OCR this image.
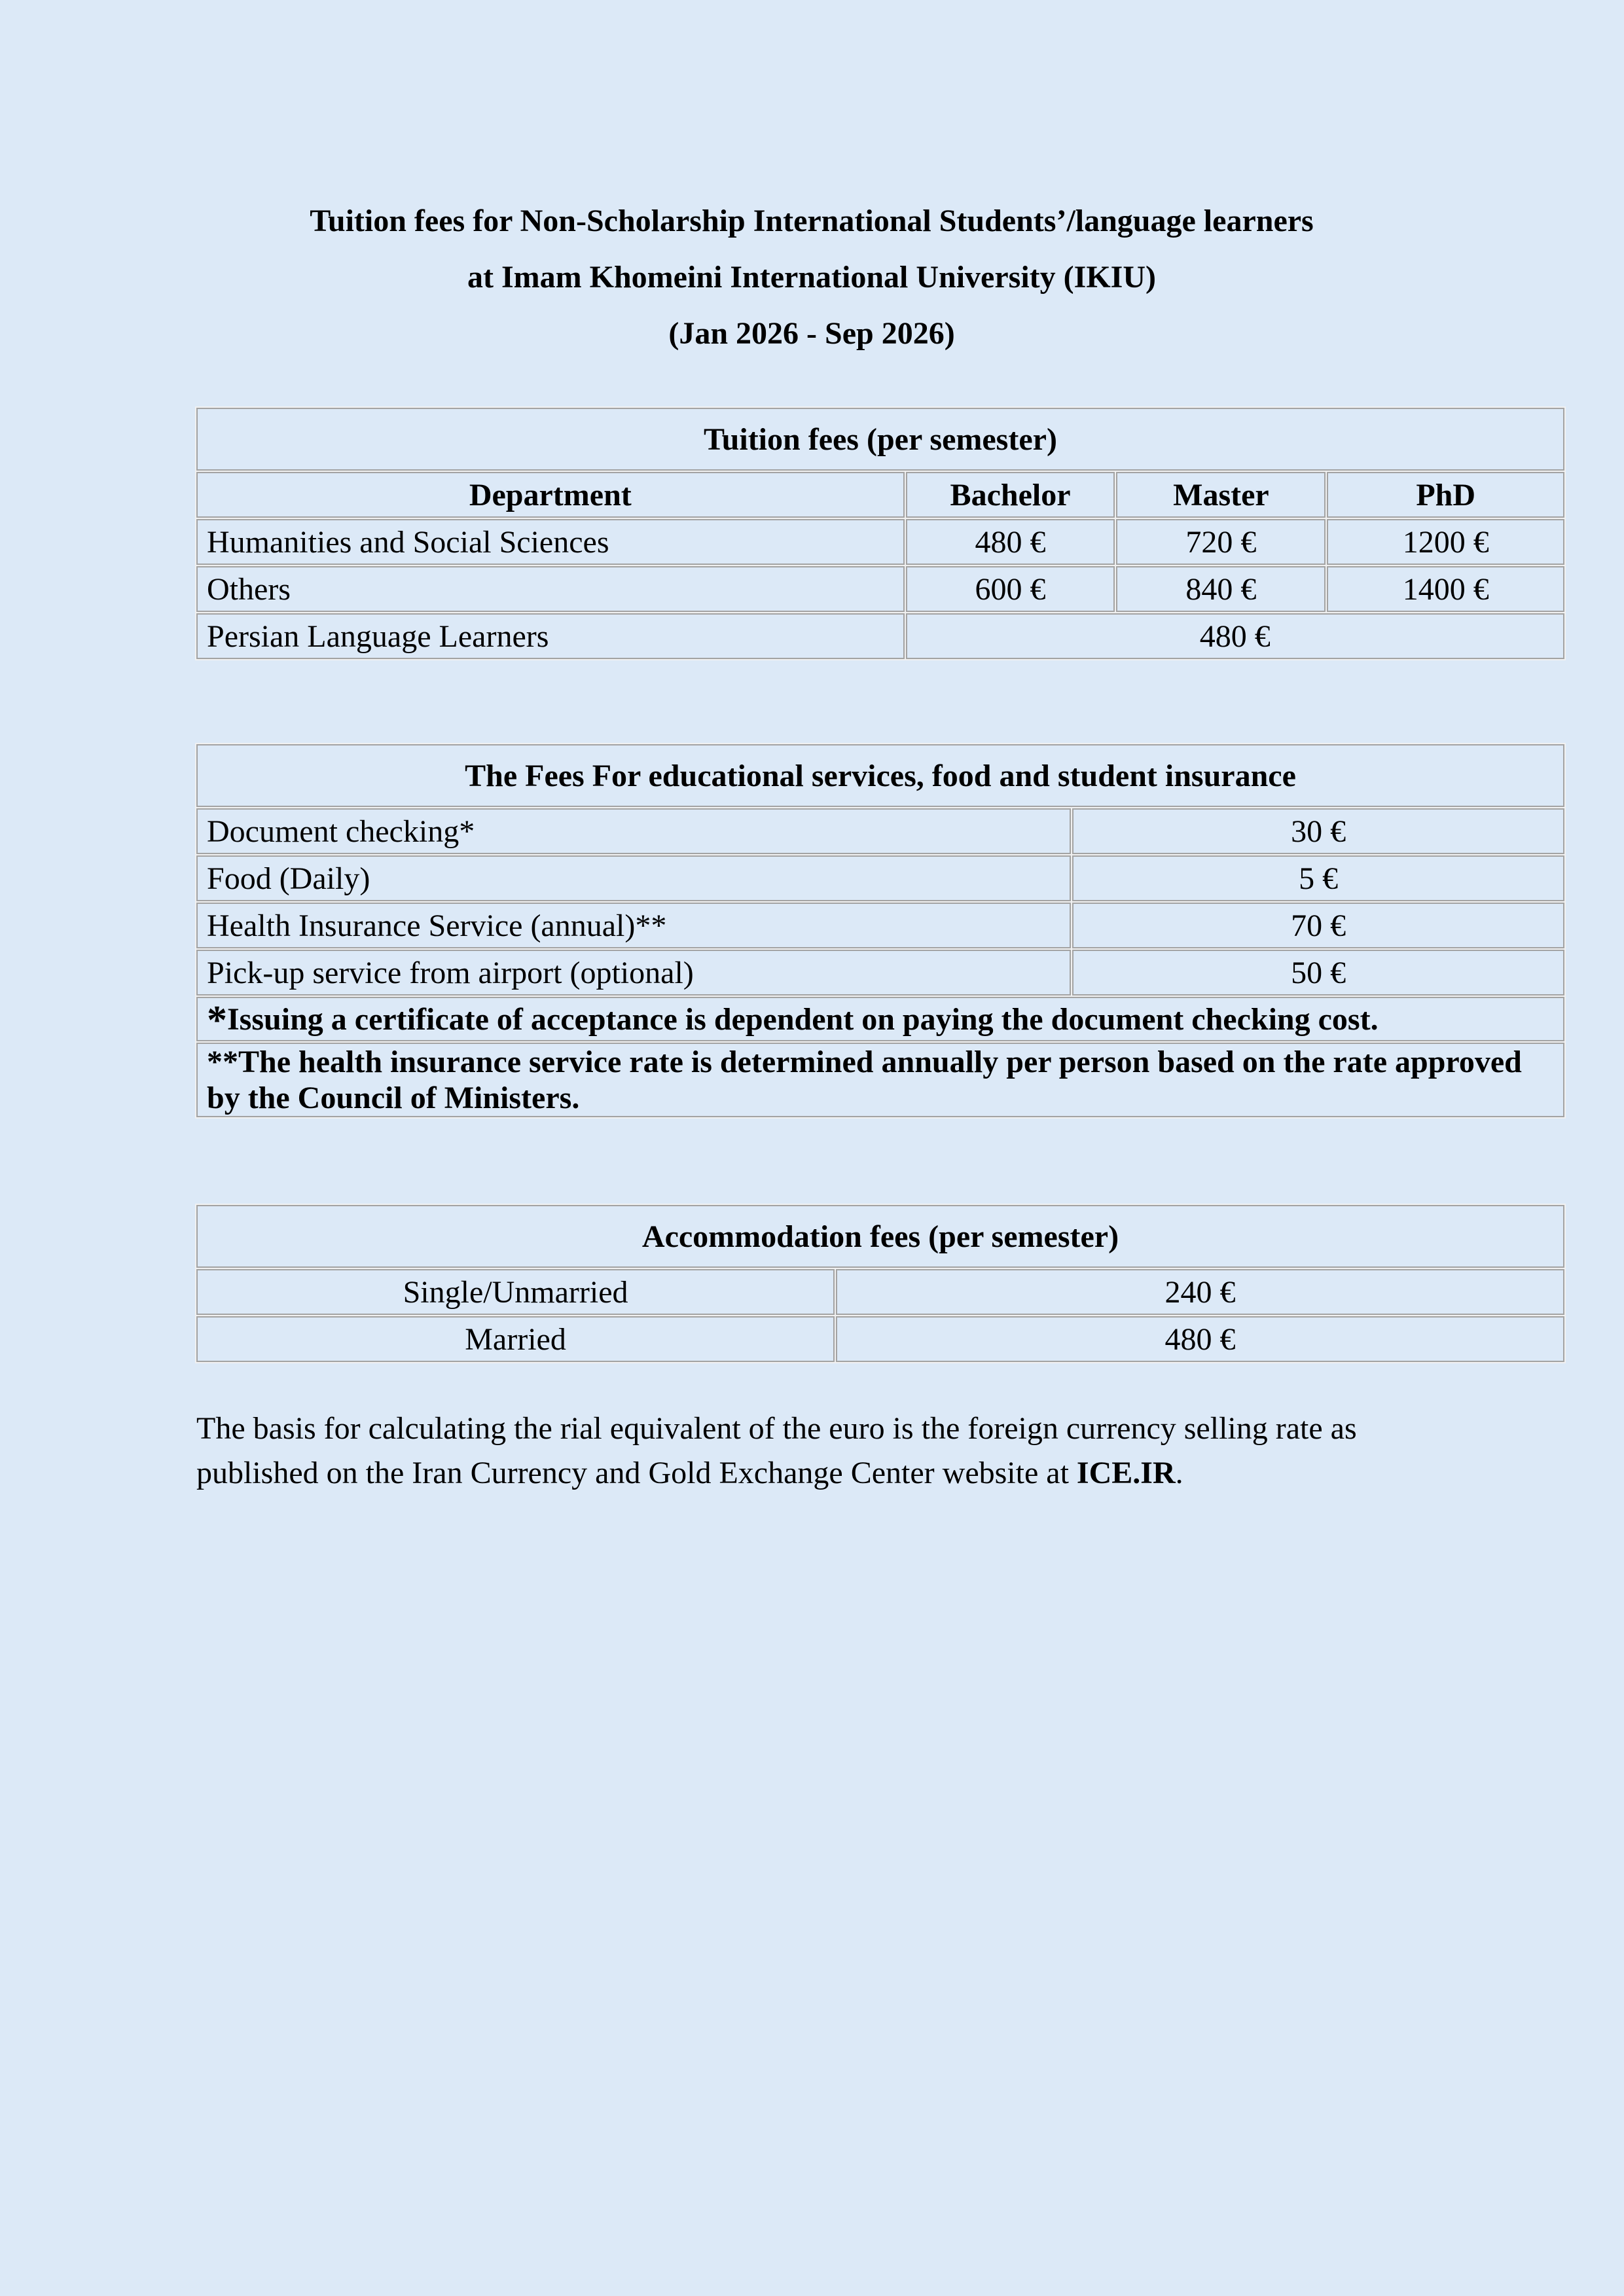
Tuition fees for Non-Scholarship International Students’/language learners
at Imam Khomeini International University (IKIU)
(Jan 2026 - Sep 2026)
Tuition fees (per semester)			
Department	Bachelor	Master	PhD
Humanities and Social Sciences	480 €	720 €	1200 €
Others	600 €	840 €	1400 €
Persian Language Learners	480 €		
The Fees For educational services, food and student insurance	
Document checking*	30 €
Food (Daily)	5 €
Health Insurance Service (annual)**	70 €
Pick-up service from airport (optional)	50 €
*Issuing a certificate of acceptance is dependent on paying the document checking cost.	
**The health insurance service rate is determined annually per person based on the rate approved by the Council of Ministers.	
Accommodation fees (per semester)	
Single/Unmarried	240 €
Married	480 €

The basis for calculating the rial equivalent of the euro is the foreign currency selling rate as published on the Iran Currency and Gold Exchange Center website at ICE.IR.
